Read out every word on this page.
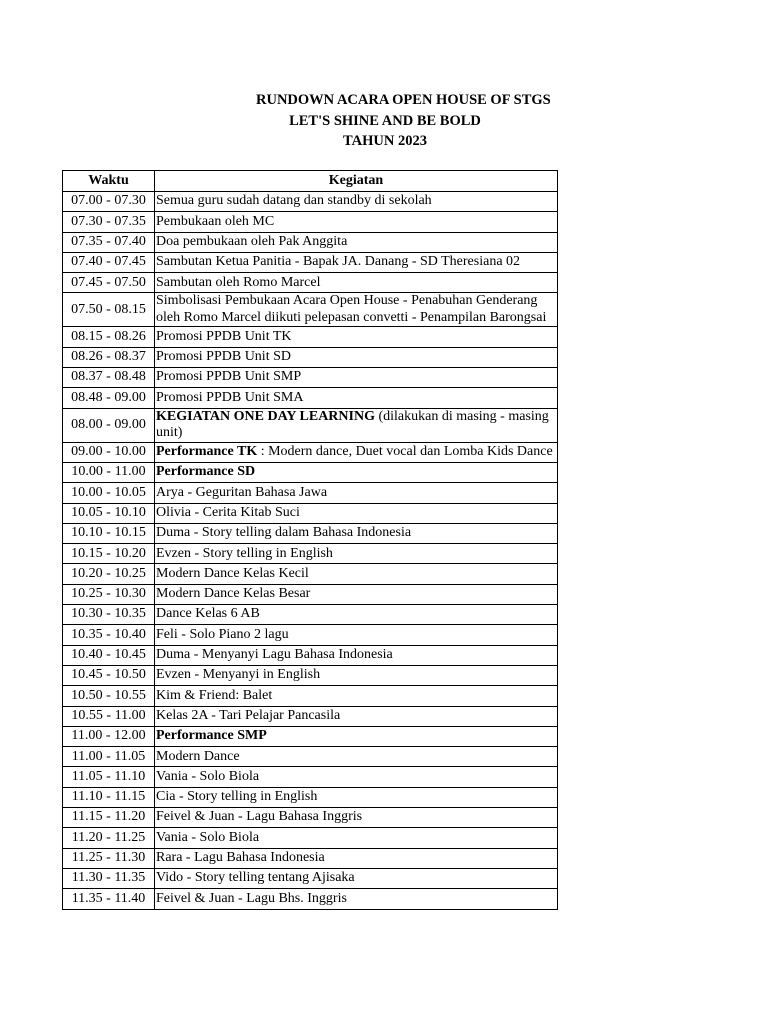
RUNDOWN ACARA OPEN HOUSE OF STGS
LET'S SHINE AND BE BOLD
TAHUN 2023
Waktu	Kegiatan
07.00 - 07.30	Semua guru sudah datang dan standby di sekolah
07.30 - 07.35	Pembukaan oleh MC
07.35 - 07.40	Doa pembukaan oleh Pak Anggita
07.40 - 07.45	Sambutan Ketua Panitia - Bapak JA. Danang - SD Theresiana 02
07.45 - 07.50	Sambutan oleh Romo Marcel
07.50 - 08.15	Simbolisasi Pembukaan Acara Open House - Penabuhan Genderang oleh Romo Marcel diikuti pelepasan convetti - Penampilan Barongsai
08.15 - 08.26	Promosi PPDB Unit TK
08.26 - 08.37	Promosi PPDB Unit SD
08.37 - 08.48	Promosi PPDB Unit SMP
08.48 - 09.00	Promosi PPDB Unit SMA
08.00 - 09.00	KEGIATAN ONE DAY LEARNING (dilakukan di masing - masing unit)
09.00 - 10.00	Performance TK : Modern dance, Duet vocal dan Lomba Kids Dance
10.00 - 11.00	Performance SD
10.00 - 10.05	Arya - Geguritan Bahasa Jawa
10.05 - 10.10	Olivia - Cerita Kitab Suci
10.10 - 10.15	Duma - Story telling dalam Bahasa Indonesia
10.15 - 10.20	Evzen - Story telling in English
10.20 - 10.25	Modern Dance Kelas Kecil
10.25 - 10.30	Modern Dance Kelas Besar
10.30 - 10.35	Dance Kelas 6 AB
10.35 - 10.40	Feli - Solo Piano 2 lagu
10.40 - 10.45	Duma - Menyanyi Lagu Bahasa Indonesia
10.45 - 10.50	Evzen - Menyanyi in English
10.50 - 10.55	Kim & Friend: Balet
10.55 - 11.00	Kelas 2A - Tari Pelajar Pancasila
11.00 - 12.00	Performance SMP
11.00 - 11.05	Modern Dance
11.05 - 11.10	Vania - Solo Biola
11.10 - 11.15	Cia - Story telling in English
11.15 - 11.20	Feivel & Juan - Lagu Bahasa Inggris
11.20 - 11.25	Vania - Solo Biola
11.25 - 11.30	Rara - Lagu Bahasa Indonesia
11.30 - 11.35	Vido - Story telling tentang Ajisaka
11.35 - 11.40	Feivel & Juan - Lagu Bhs. Inggris
